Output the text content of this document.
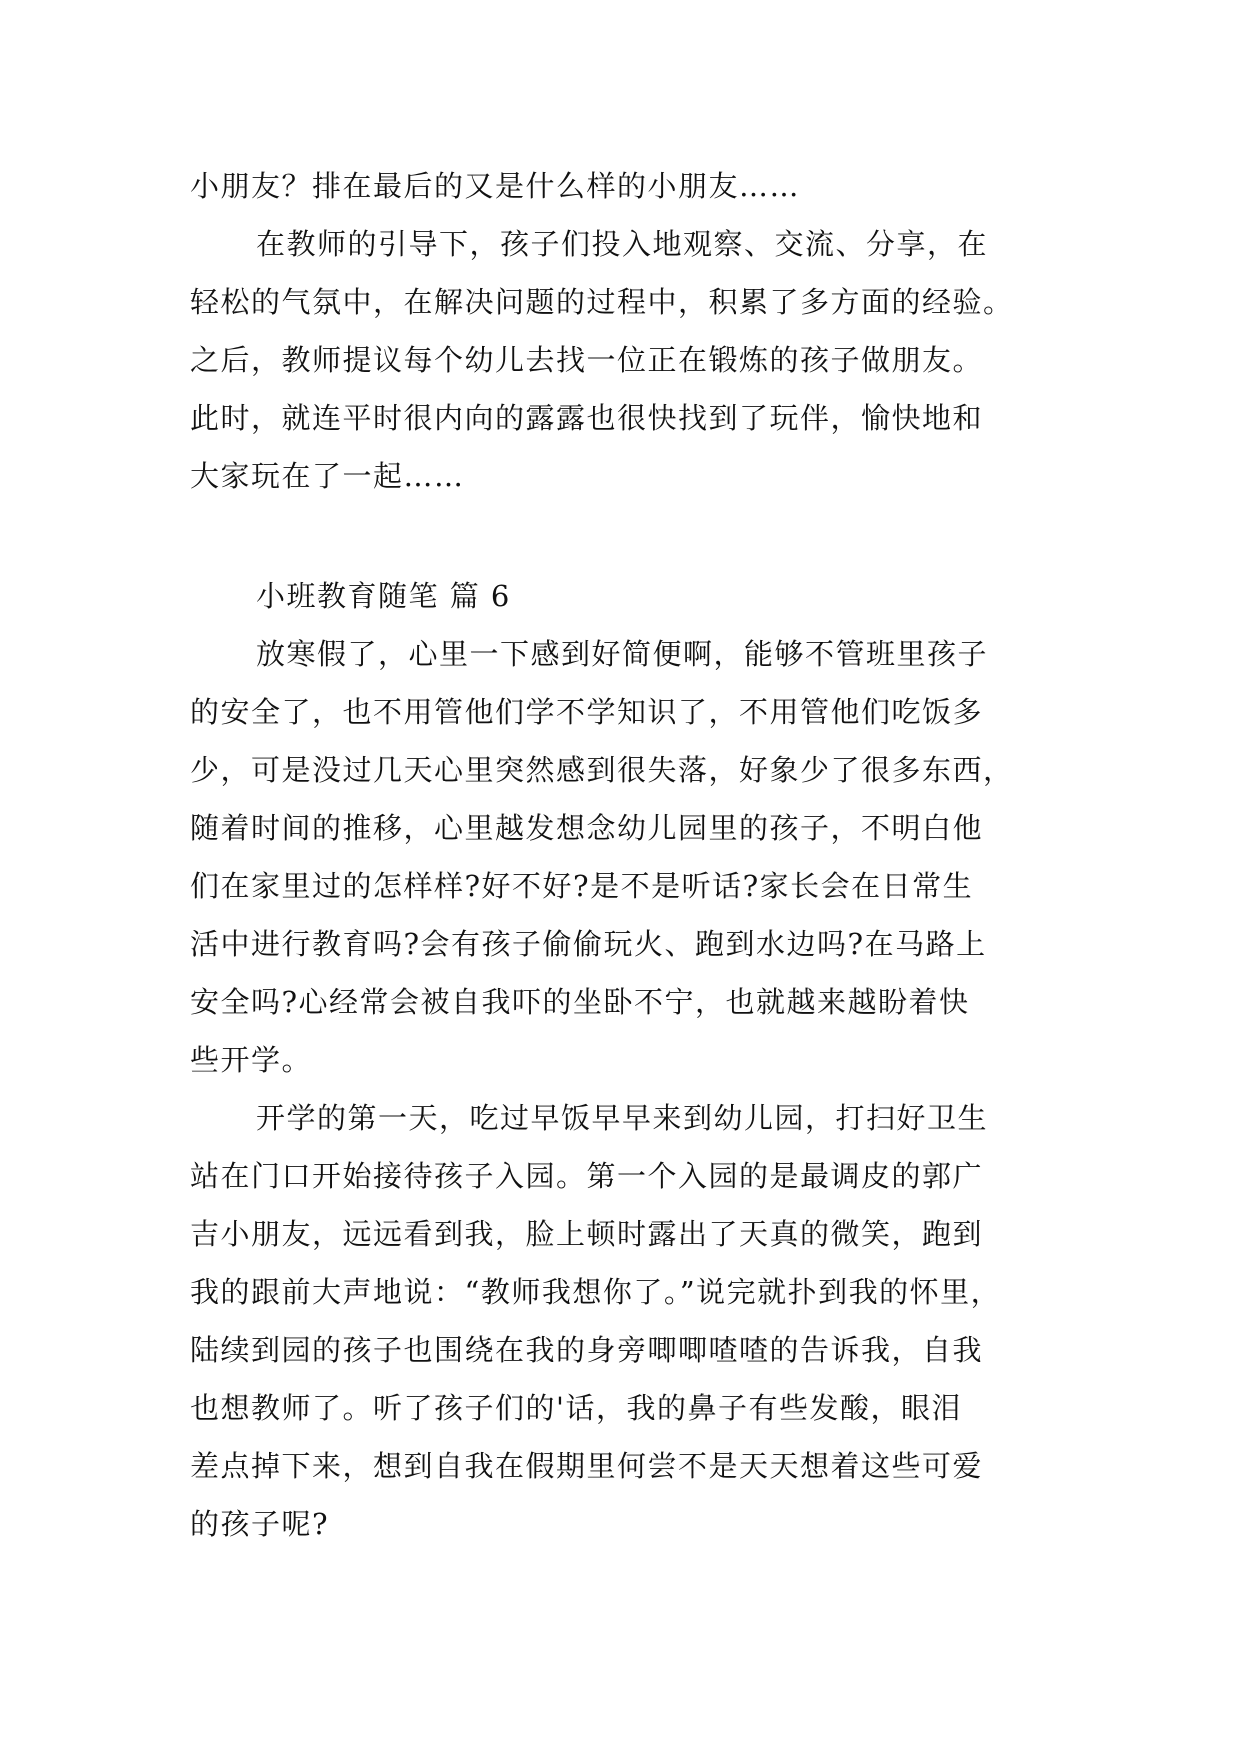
小朋友？排在最后的又是什么样的小朋友……

在教师的引导下，孩子们投入地观察、交流、分享，在

轻松的气氛中，在解决问题的过程中，积累了多方面的经验。

之后，教师提议每个幼儿去找一位正在锻炼的孩子做朋友。

此时，就连平时很内向的露露也很快找到了玩伴，愉快地和

大家玩在了一起……

小班教育随笔 篇 6

放寒假了，心里一下感到好简便啊，能够不管班里孩子

的安全了，也不用管他们学不学知识了，不用管他们吃饭多

少，可是没过几天心里突然感到很失落，好象少了很多东西，

随着时间的推移，心里越发想念幼儿园里的孩子，不明白他

们在家里过的怎样样?好不好?是不是听话?家长会在日常生

活中进行教育吗?会有孩子偷偷玩火、跑到水边吗?在马路上

安全吗?心经常会被自我吓的坐卧不宁，也就越来越盼着快

些开学。

开学的第一天，吃过早饭早早来到幼儿园，打扫好卫生

站在门口开始接待孩子入园。第一个入园的是最调皮的郭广

吉小朋友，远远看到我，脸上顿时露出了天真的微笑，跑到

我的跟前大声地说：“教师我想你了。”说完就扑到我的怀里，

陆续到园的孩子也围绕在我的身旁唧唧喳喳的告诉我，自我

也想教师了。听了孩子们的'话，我的鼻子有些发酸，眼泪

差点掉下来，想到自我在假期里何尝不是天天想着这些可爱

的孩子呢?
